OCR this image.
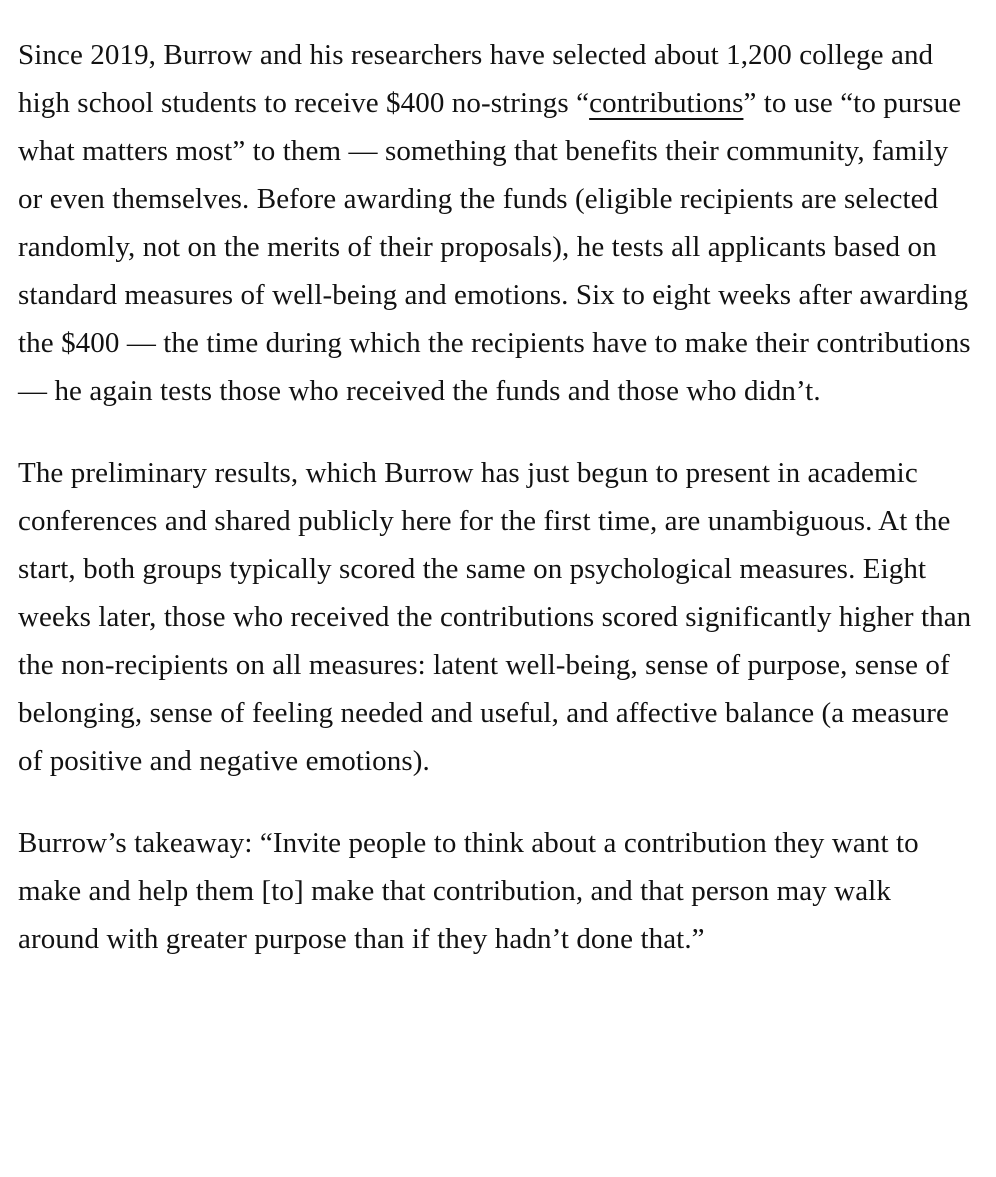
Since 2019, Burrow and his researchers have selected about 1,200 college and high school students to receive $400 no-strings “contributions” to use “to pursue what matters most” to them — something that benefits their community, family or even themselves. Before awarding the funds (eligible recipients are selected randomly, not on the merits of their proposals), he tests all applicants based on standard measures of well-being and emotions. Six to eight weeks after awarding the $400 — the time during which the recipients have to make their contributions — he again tests those who received the funds and those who didn’t.

The preliminary results, which Burrow has just begun to present in academic conferences and shared publicly here for the first time, are unambiguous. At the start, both groups typically scored the same on psychological measures. Eight weeks later, those who received the contributions scored significantly higher than the non-recipients on all measures: latent well-being, sense of purpose, sense of belonging, sense of feeling needed and useful, and affective balance (a measure of positive and negative emotions).

Burrow’s takeaway: “Invite people to think about a contribution they want to make and help them [to] make that contribution, and that person may walk around with greater purpose than if they hadn’t done that.”
